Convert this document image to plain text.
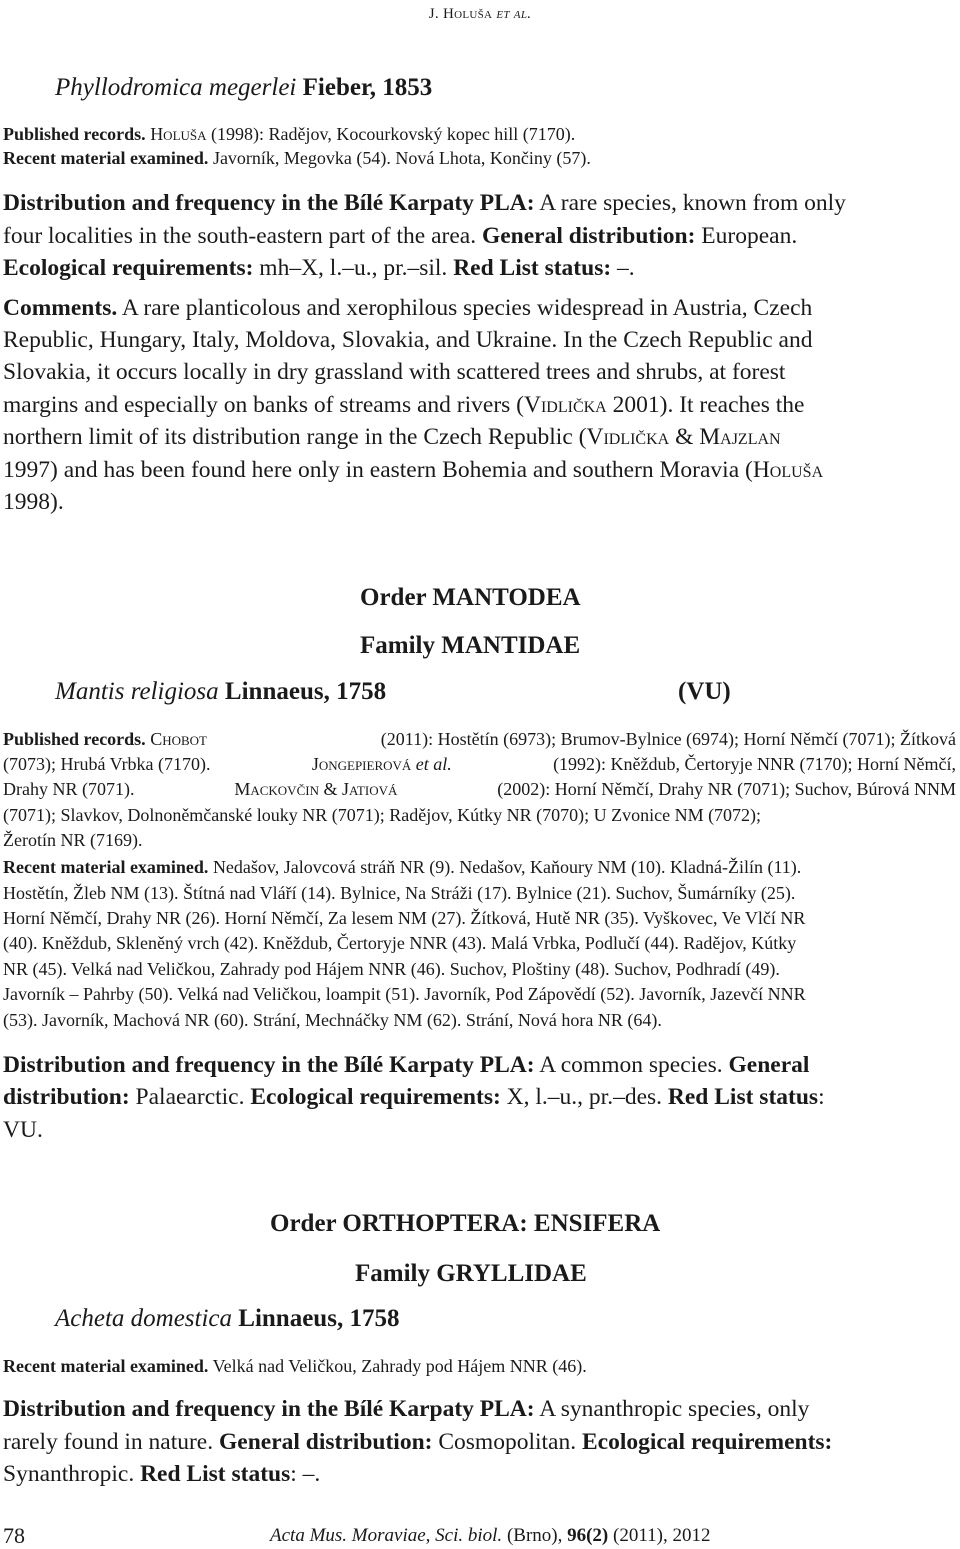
J. Holuša et al.
Phyllodromica megerlei Fieber, 1853
Published records. Holuša (1998): Radějov, Kocourkovský kopec hill (7170).
Recent material examined. Javorník, Megovka (54). Nová Lhota, Končiny (57).
Distribution and frequency in the Bílé Karpaty PLA: A rare species, known from only
four localities in the south-eastern part of the area. General distribution: European.
Ecological requirements: mh–X, l.–u., pr.–sil. Red List status: –.
Comments. A rare planticolous and xerophilous species widespread in Austria, Czech
Republic, Hungary, Italy, Moldova, Slovakia, and Ukraine. In the Czech Republic and
Slovakia, it occurs locally in dry grassland with scattered trees and shrubs, at forest
margins and especially on banks of streams and rivers (Vidlička 2001). It reaches the
northern limit of its distribution range in the Czech Republic (Vidlička & Majzlan
1997) and has been found here only in eastern Bohemia and southern Moravia (Holuša
1998).
Order MANTODEA
Family MANTIDAE
Mantis religiosa Linnaeus, 1758	(VU)
Published records. Chobot	(2011): Hostětín (6973); Brumov-Bylnice (6974); Horní Němčí (7071); Žítková
(7073); Hrubá Vrbka (7170).	Jongepierová et al.	(1992): Kněždub, Čertoryje NNR (7170); Horní Němčí,
Drahy NR (7071).	Mackovčin & Jatiová	(2002): Horní Němčí, Drahy NR (7071); Suchov, Búrová NNM
(7071); Slavkov, Dolnoněmčanské louky NR (7071); Radějov, Kútky NR (7070); U Zvonice NM (7072);
Žerotín NR (7169).
Recent material examined. Nedašov, Jalovcová stráň NR (9). Nedašov, Kaňoury NM (10). Kladná-Žilín (11).
Hostětín, Žleb NM (13). Štítná nad Vláří (14). Bylnice, Na Stráži (17). Bylnice (21). Suchov, Šumárníky (25).
Horní Němčí, Drahy NR (26). Horní Němčí, Za lesem NM (27). Žítková, Hutě NR (35). Vyškovec, Ve Vlčí NR
(40). Kněždub, Skleněný vrch (42). Kněždub, Čertoryje NNR (43). Malá Vrbka, Podlučí (44). Radějov, Kútky
NR (45). Velká nad Veličkou, Zahrady pod Hájem NNR (46). Suchov, Ploštiny (48). Suchov, Podhradí (49).
Javorník – Pahrby (50). Velká nad Veličkou, loampit (51). Javorník, Pod Zápovědí (52). Javorník, Jazevčí NNR
(53). Javorník, Machová NR (60). Strání, Mechnáčky NM (62). Strání, Nová hora NR (64).
Distribution and frequency in the Bílé Karpaty PLA: A common species. General
distribution: Palaearctic. Ecological requirements: X, l.–u., pr.–des. Red List status:
VU.
Order ORTHOPTERA: ENSIFERA
Family GRYLLIDAE
Acheta domestica Linnaeus, 1758
Recent material examined. Velká nad Veličkou, Zahrady pod Hájem NNR (46).
Distribution and frequency in the Bílé Karpaty PLA: A synanthropic species, only
rarely found in nature. General distribution: Cosmopolitan. Ecological requirements:
Synanthropic. Red List status: –.
78	Acta Mus. Moraviae, Sci. biol. (Brno), 96(2) (2011), 2012
